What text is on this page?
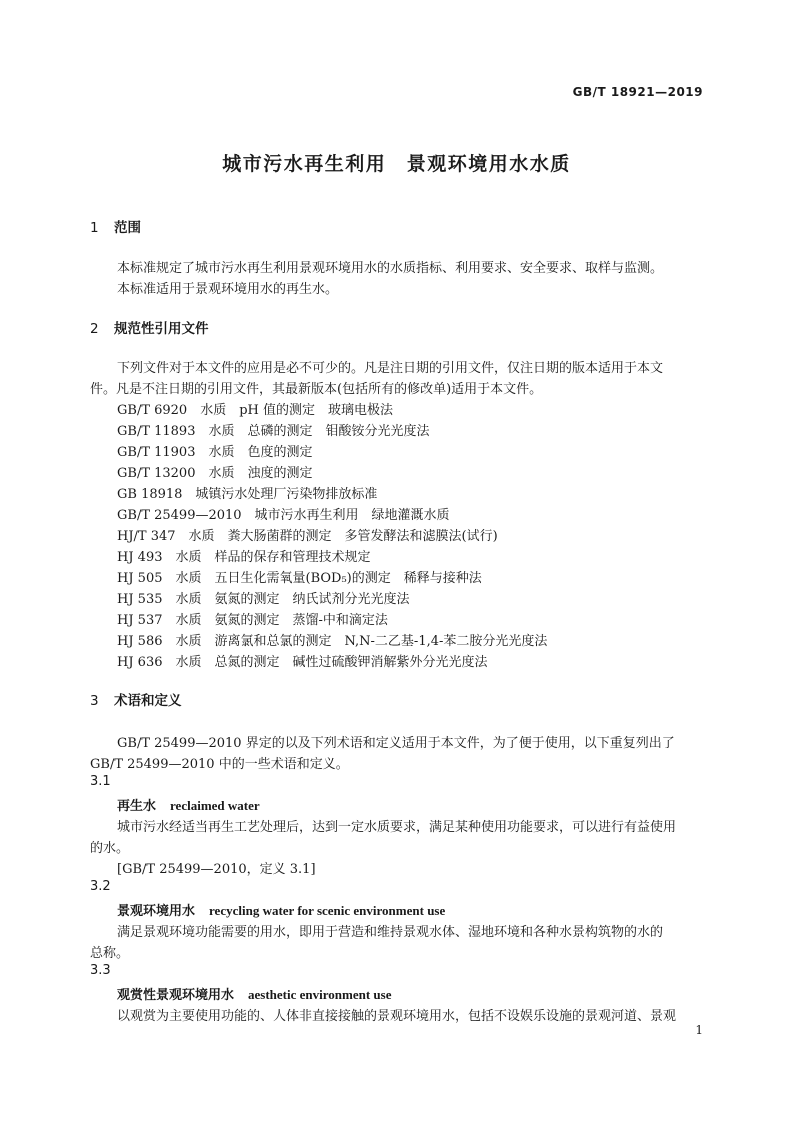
GB/T 18921—2019
城市污水再生利用　景观环境用水水质
1 范围
本标准规定了城市污水再生利用景观环境用水的水质指标、利用要求、安全要求、取样与监测。
本标准适用于景观环境用水的再生水。
2 规范性引用文件
下列文件对于本文件的应用是必不可少的。凡是注日期的引用文件，仅注日期的版本适用于本文
件。凡是不注日期的引用文件，其最新版本(包括所有的修改单)适用于本文件。
GB/T 6920　水质　pH 值的测定　玻璃电极法
GB/T 11893　水质　总磷的测定　钼酸铵分光光度法
GB/T 11903　水质　色度的测定
GB/T 13200　水质　浊度的测定
GB 18918　城镇污水处理厂污染物排放标准
GB/T 25499—2010　城市污水再生利用　绿地灌溉水质
HJ/T 347　水质　粪大肠菌群的测定　多管发酵法和滤膜法(试行)
HJ 493　水质　样品的保存和管理技术规定
HJ 505　水质　五日生化需氧量(BOD₅)的测定　稀释与接种法
HJ 535　水质　氨氮的测定　纳氏试剂分光光度法
HJ 537　水质　氨氮的测定　蒸馏-中和滴定法
HJ 586　水质　游离氯和总氯的测定　N,N-二乙基-1,4-苯二胺分光光度法
HJ 636　水质　总氮的测定　碱性过硫酸钾消解紫外分光光度法
3 术语和定义
GB/T 25499—2010 界定的以及下列术语和定义适用于本文件，为了便于使用，以下重复列出了
GB/T 25499—2010 中的一些术语和定义。
3.1
再生水 reclaimed water
城市污水经适当再生工艺处理后，达到一定水质要求，满足某种使用功能要求，可以进行有益使用
的水。
[GB/T 25499—2010，定义 3.1]
3.2
景观环境用水 recycling water for scenic environment use
满足景观环境功能需要的用水，即用于营造和维持景观水体、湿地环境和各种水景构筑物的水的
总称。
3.3
观赏性景观环境用水 aesthetic environment use
以观赏为主要使用功能的、人体非直接接触的景观环境用水，包括不设娱乐设施的景观河道、景观
1
